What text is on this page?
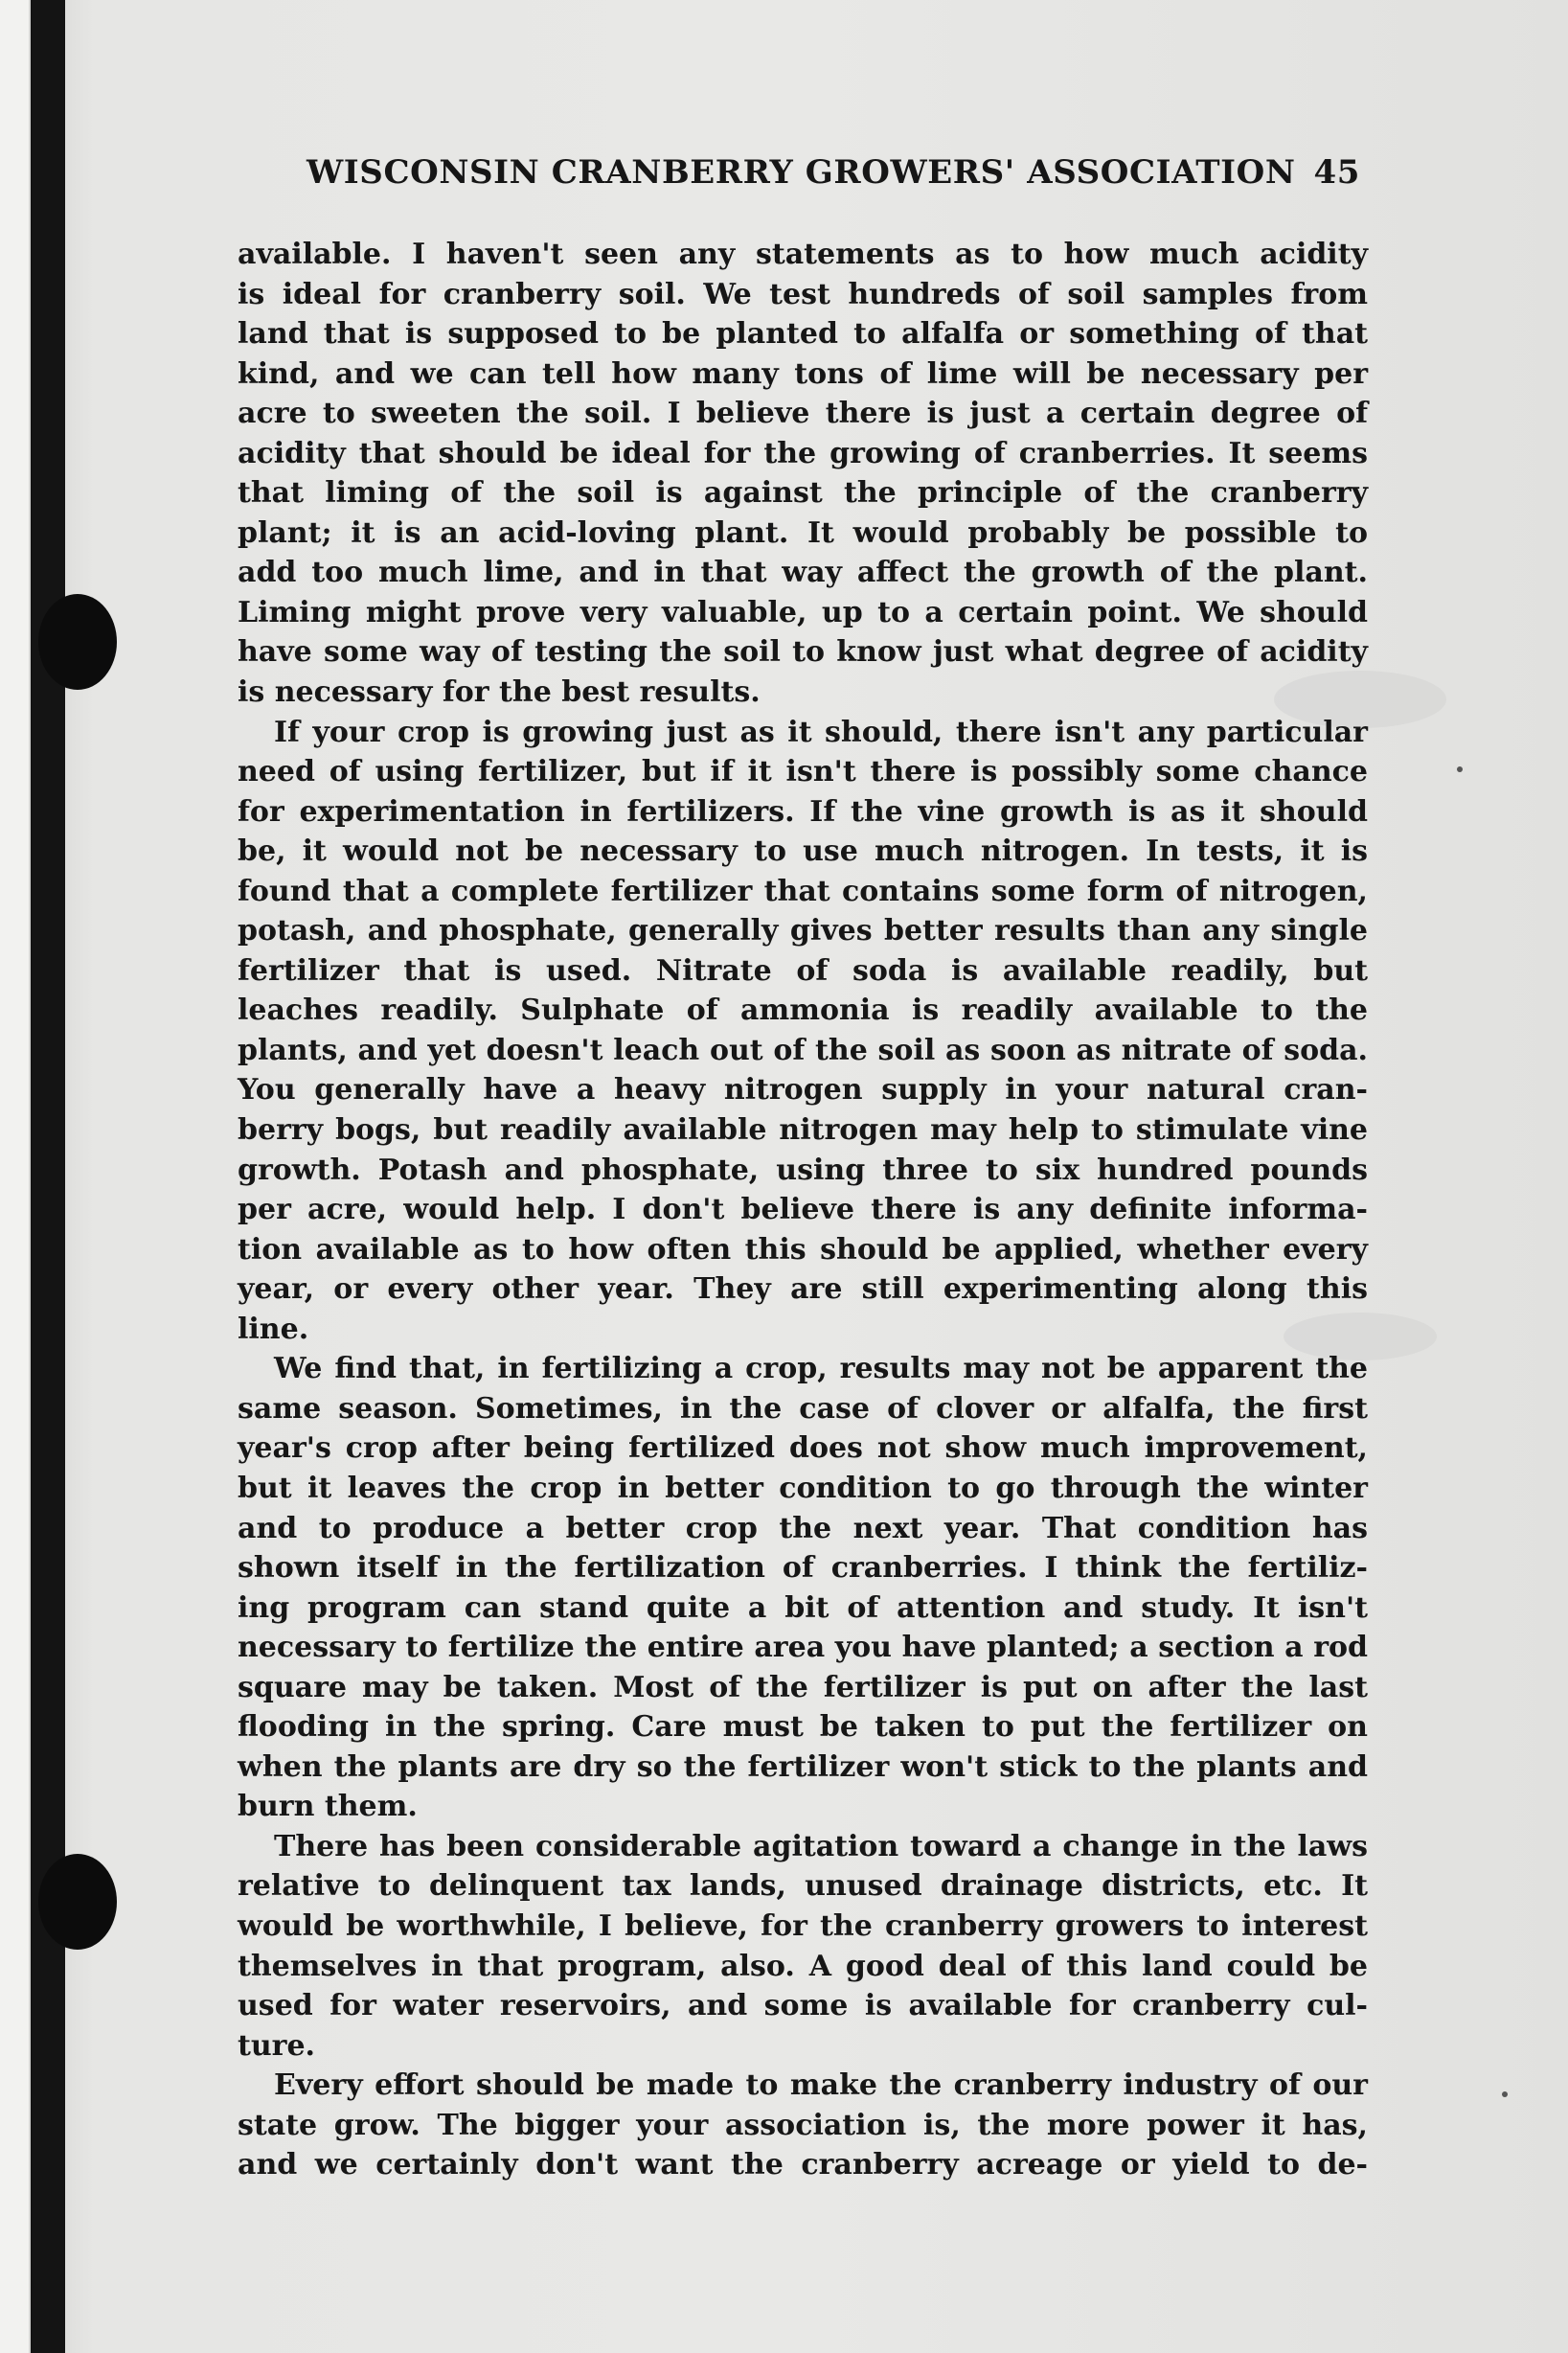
WISCONSIN CRANBERRY GROWERS' ASSOCIATION 45
available. I haven't seen any statements as to how much acidity
is ideal for cranberry soil. We test hundreds of soil samples from
land that is supposed to be planted to alfalfa or something of that
kind, and we can tell how many tons of lime will be necessary per
acre to sweeten the soil. I believe there is just a certain degree of
acidity that should be ideal for the growing of cranberries. It seems
that liming of the soil is against the principle of the cranberry
plant; it is an acid-loving plant. It would probably be possible to
add too much lime, and in that way affect the growth of the plant.
Liming might prove very valuable, up to a certain point. We should
have some way of testing the soil to know just what degree of acidity
is necessary for the best results.
If your crop is growing just as it should, there isn't any particular
need of using fertilizer, but if it isn't there is possibly some chance
for experimentation in fertilizers. If the vine growth is as it should
be, it would not be necessary to use much nitrogen. In tests, it is
found that a complete fertilizer that contains some form of nitrogen,
potash, and phosphate, generally gives better results than any single
fertilizer that is used. Nitrate of soda is available readily, but
leaches readily. Sulphate of ammonia is readily available to the
plants, and yet doesn't leach out of the soil as soon as nitrate of soda.
You generally have a heavy nitrogen supply in your natural cran-
berry bogs, but readily available nitrogen may help to stimulate vine
growth. Potash and phosphate, using three to six hundred pounds
per acre, would help. I don't believe there is any definite informa-
tion available as to how often this should be applied, whether every
year, or every other year. They are still experimenting along this
line.
We find that, in fertilizing a crop, results may not be apparent the
same season. Sometimes, in the case of clover or alfalfa, the first
year's crop after being fertilized does not show much improvement,
but it leaves the crop in better condition to go through the winter
and to produce a better crop the next year. That condition has
shown itself in the fertilization of cranberries. I think the fertiliz-
ing program can stand quite a bit of attention and study. It isn't
necessary to fertilize the entire area you have planted; a section a rod
square may be taken. Most of the fertilizer is put on after the last
flooding in the spring. Care must be taken to put the fertilizer on
when the plants are dry so the fertilizer won't stick to the plants and
burn them.
There has been considerable agitation toward a change in the laws
relative to delinquent tax lands, unused drainage districts, etc. It
would be worthwhile, I believe, for the cranberry growers to interest
themselves in that program, also. A good deal of this land could be
used for water reservoirs, and some is available for cranberry cul-
ture.
Every effort should be made to make the cranberry industry of our
state grow. The bigger your association is, the more power it has,
and we certainly don't want the cranberry acreage or yield to de-
